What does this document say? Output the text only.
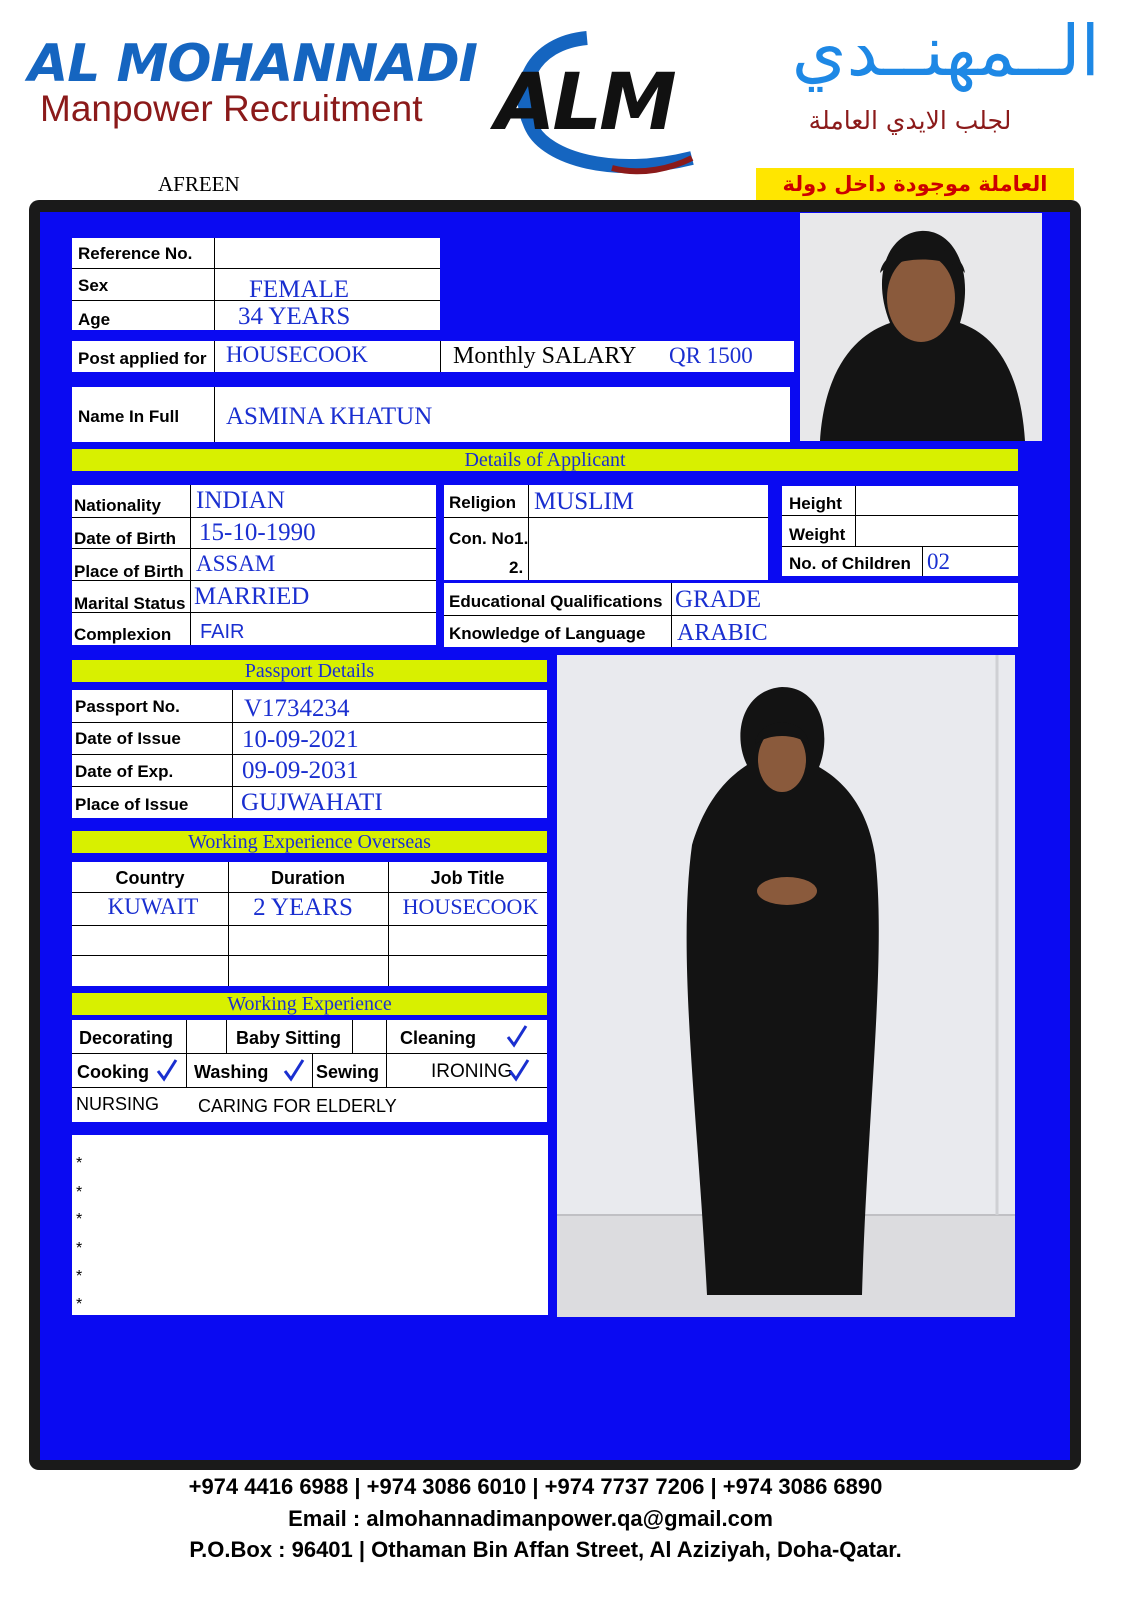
AL MOHANNADI
Manpower Recruitment ALM
الــمهنــدي
لجلب الايدي العاملة
AFREEN	العاملة موجودة داخل دولة
Reference No.
Sex	FEMALE
Age	34 YEARS
Post applied for HOUSECOOK	Monthly SALARY QR 1500
Name In Full ASMINA KHATUN
Details of Applicant
Nationality INDIAN
Date of Birth 15-10-1990
Place of Birth ASSAM
Marital Status MARRIED
Complexion FAIR
Religion MUSLIM
Con. No1.
2.
Height
Weight
No. of Children 02
Educational Qualifications GRADE
Knowledge of Language ARABIC
Passport Details
Passport No.	V1734234
Date of Issue 10-09-2021
Date of Exp.	09-09-2031
Place of Issue GUJWAHATI
Working Experience Overseas
Country	Duration	Job Title
KUWAIT	2 YEARS	HOUSECOOK
Working Experience
Decorating	Baby Sitting	Cleaning
Cooking	Washing	Sewing	IRONING
NURSING CARING FOR ELDERLY
*
*
*
*
*
*
+974 4416 6988 | +974 3086 6010 | +974 7737 7206 | +974 3086 6890
Email : almohannadimanpower.qa@gmail.com
P.O.Box : 96401 | Othaman Bin Affan Street, Al Aziziyah, Doha-Qatar.
